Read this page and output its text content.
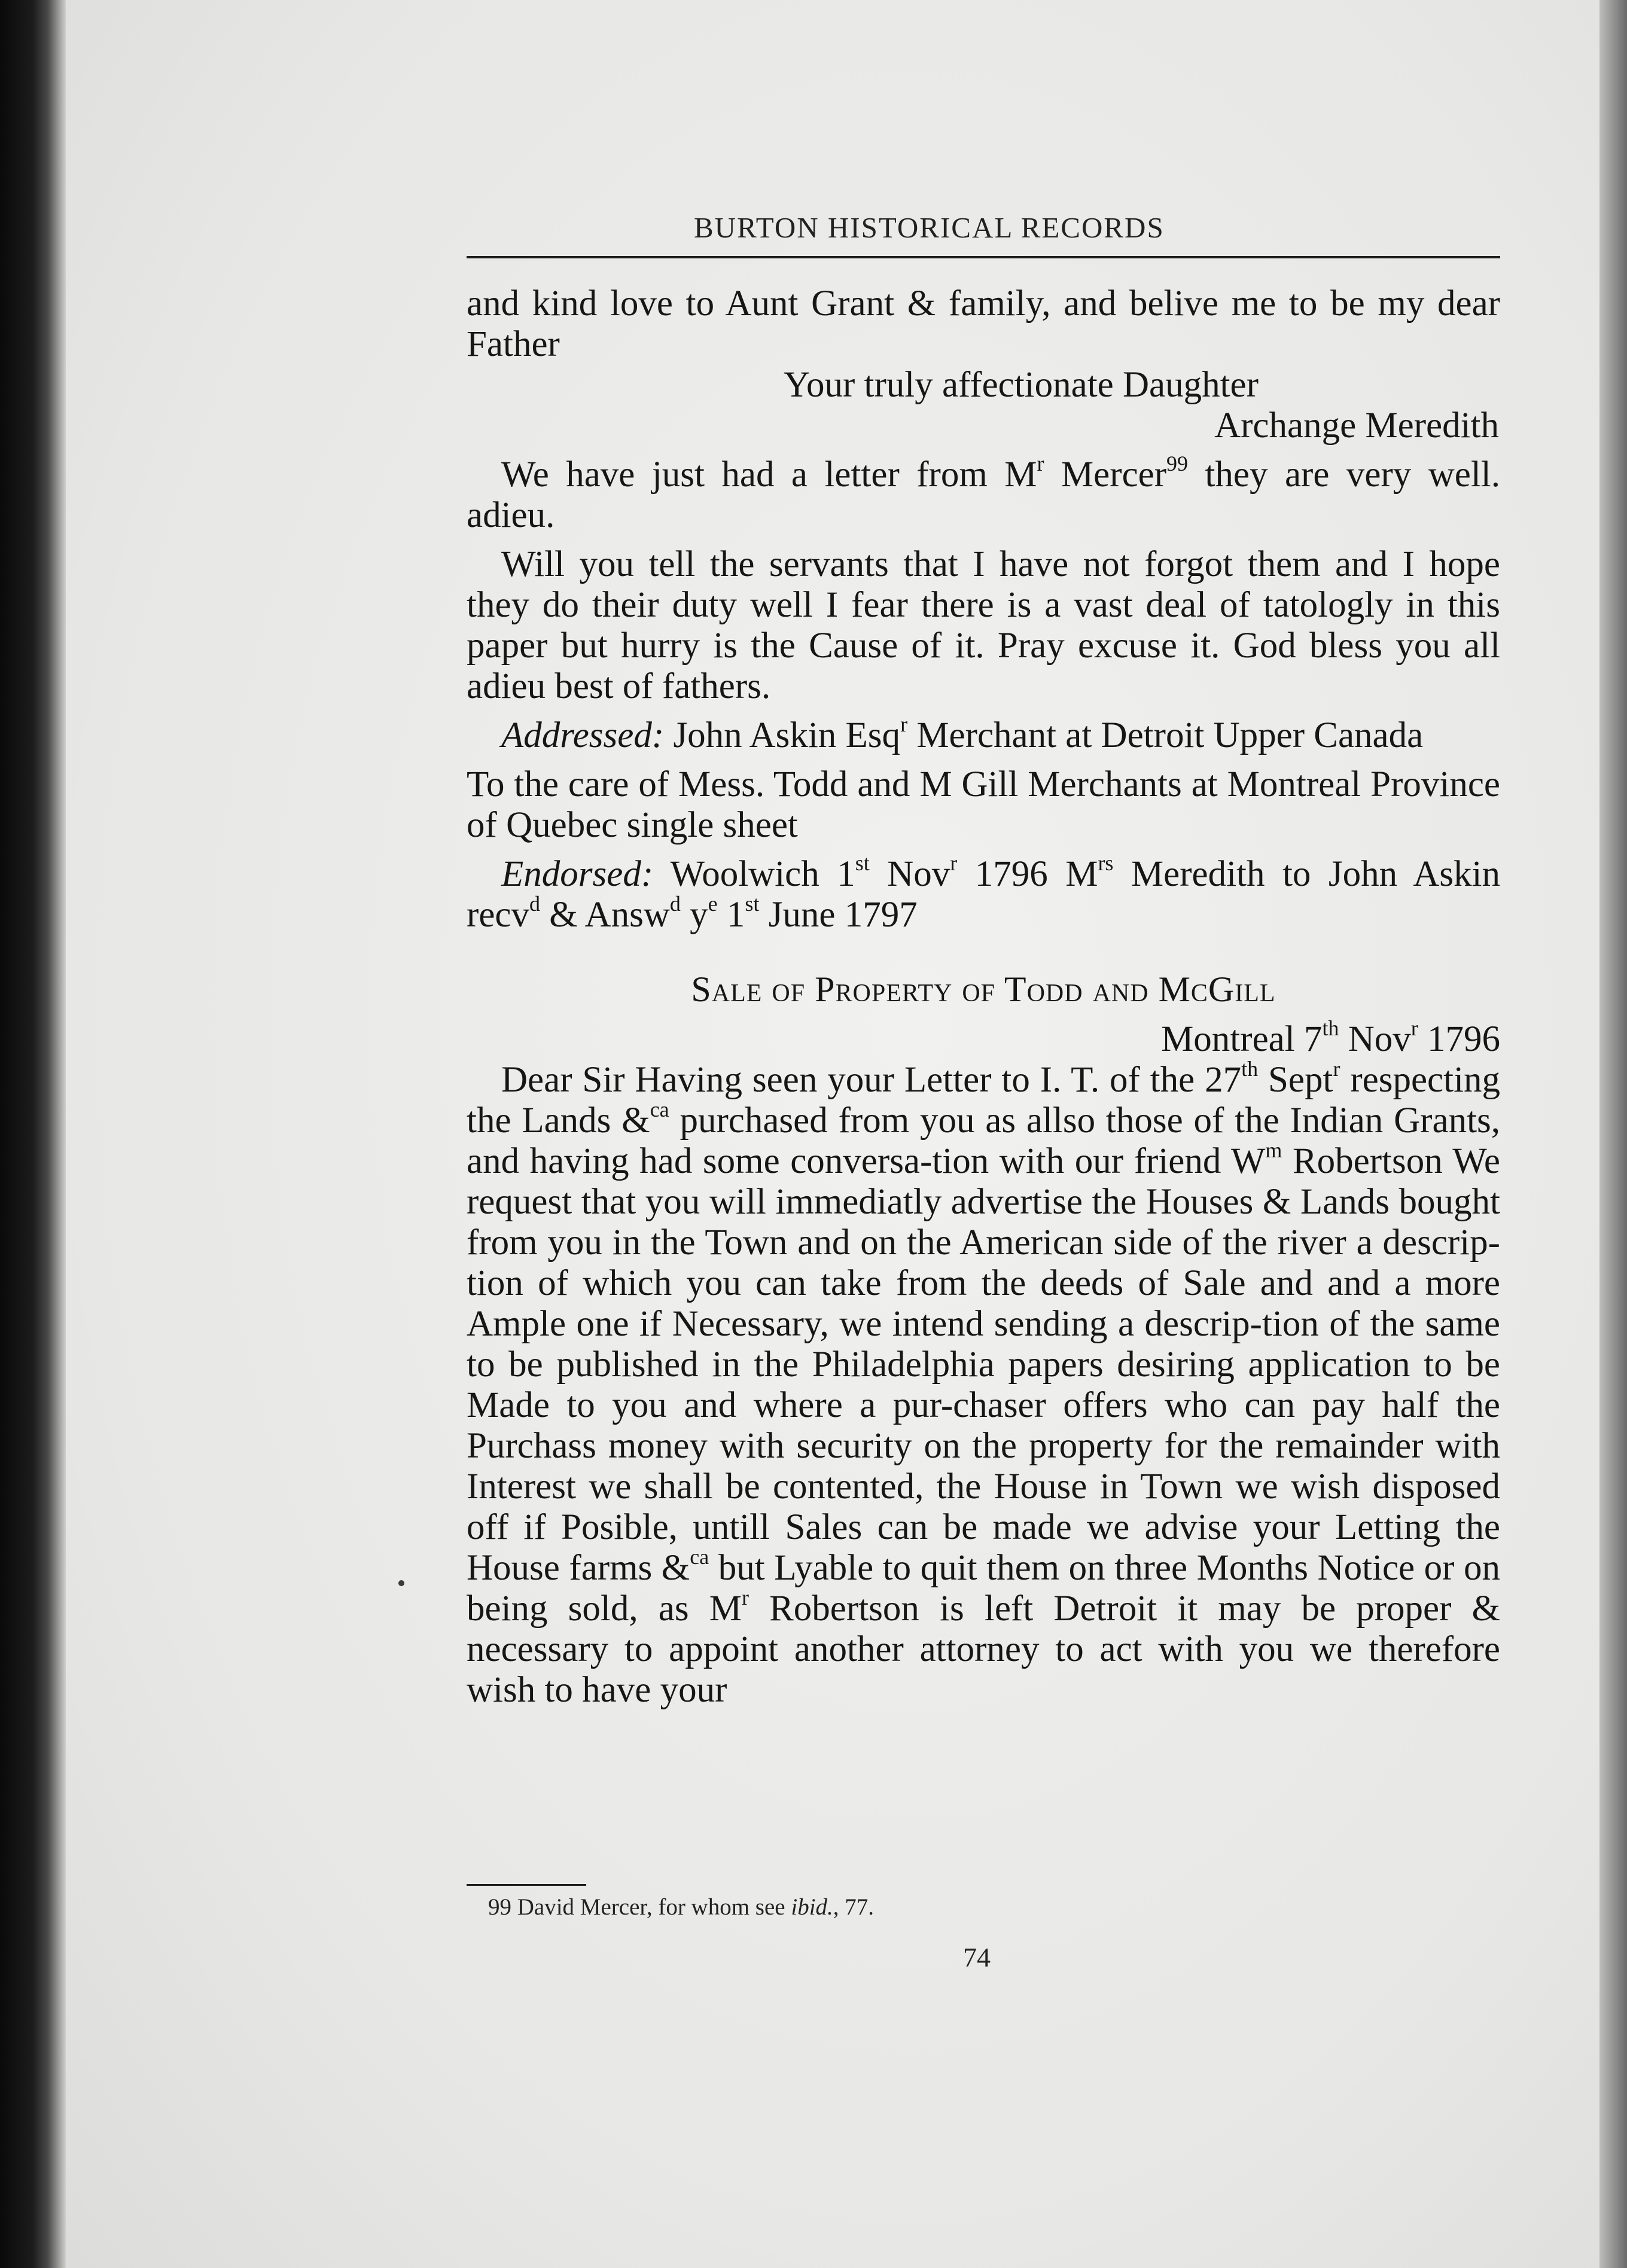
BURTON HISTORICAL RECORDS

and kind love to Aunt Grant & family, and belive me to be my dear Father

Your truly affectionate Daughter

Archange Meredith

We have just had a letter from $M^r$ Mercer$^{99}$ they are very well. adieu.

Will you tell the servants that I have not forgot them and I hope they do their duty well I fear there is a vast deal of tatologly in this paper but hurry is the Cause of it. Pray excuse it. God bless you all adieu best of fathers.

Addressed: John Askin Esq$^r$ Merchant at Detroit Upper Canada

To the care of Mess. Todd and M Gill Merchants at Montreal Province of Quebec single sheet

Endorsed: Woolwich 1st Nov$^r$ 1796 $M^{rs}$ Meredith to John Askin recv$^d$ & Answ$^d$ $y^e$ 1st June 1797

Sale of Property of Todd and McGill

Montreal 7th Nov$^r$ 1796

Dear Sir Having seen your Letter to I. T. of the 27th Sept$^r$ respecting the Lands &$^{ca}$ purchased from you as allso those of the Indian Grants, and having had some conversa-tion with our friend $W^m$ Robertson We request that you will immediatly advertise the Houses & Lands bought from you in the Town and on the American side of the river a descrip-tion of which you can take from the deeds of Sale and and a more Ample one if Necessary, we intend sending a descrip-tion of the same to be published in the Philadelphia papers desiring application to be Made to you and where a pur-chaser offers who can pay half the Purchass money with security on the property for the remainder with Interest we shall be contented, the House in Town we wish disposed off if Posible, untill Sales can be made we advise your Letting the House farms &$^{ca}$ but Lyable to quit them on three Months Notice or on being sold, as $M^r$ Robertson is left Detroit it may be proper & necessary to appoint another attorney to act with you we therefore wish to have your

99 David Mercer, for whom see ibid., 77.
74
